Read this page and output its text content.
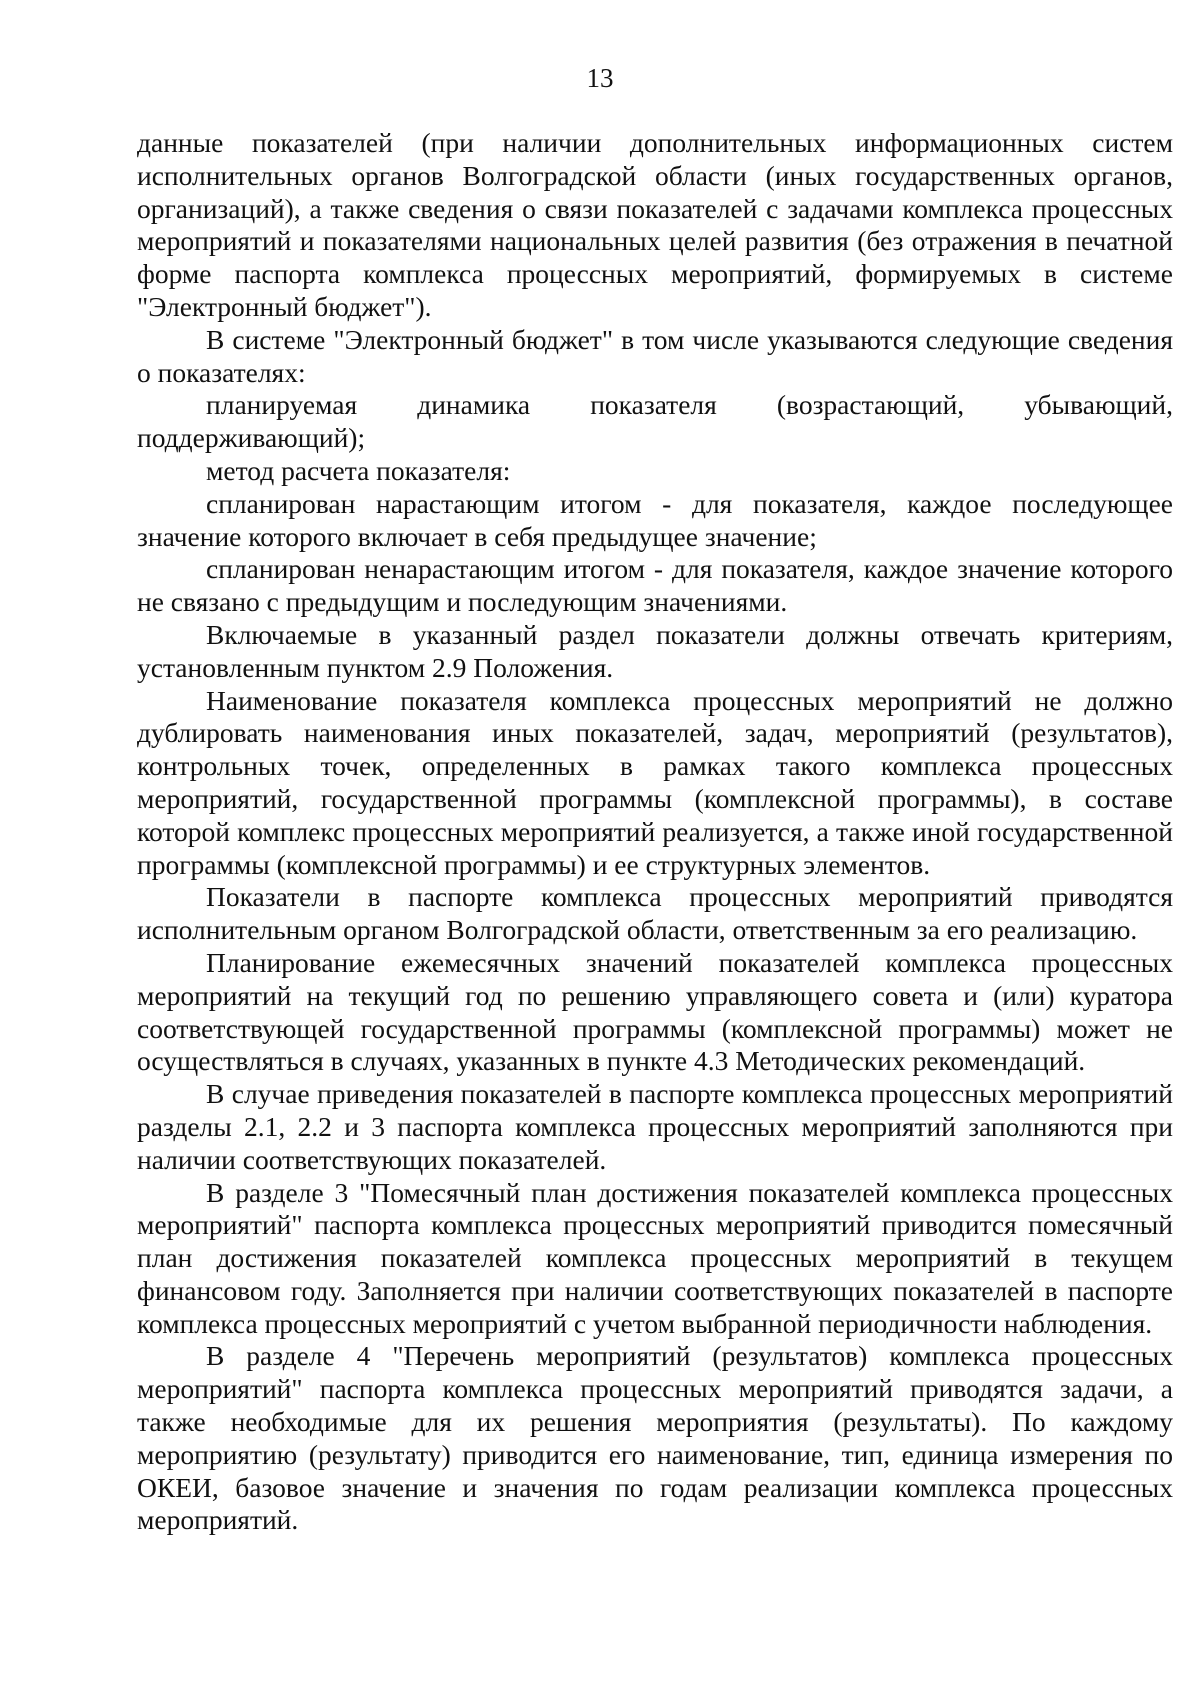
13

данные показателей (при наличии дополнительных информационных систем исполнительных органов Волгоградской области (иных государственных органов, организаций), а также сведения о связи показателей с задачами комплекса процессных мероприятий и показателями национальных целей развития (без отражения в печатной форме паспорта комплекса процессных мероприятий, формируемых в системе "Электронный бюджет").

В системе "Электронный бюджет" в том числе указываются следующие сведения о показателях:

планируемая динамика показателя (возрастающий, убывающий, поддерживающий);

метод расчета показателя:

спланирован нарастающим итогом - для показателя, каждое последующее значение которого включает в себя предыдущее значение;

спланирован ненарастающим итогом - для показателя, каждое значение которого не связано с предыдущим и последующим значениями.

Включаемые в указанный раздел показатели должны отвечать критериям, установленным пунктом 2.9 Положения.

Наименование показателя комплекса процессных мероприятий не должно дублировать наименования иных показателей, задач, мероприятий (результатов), контрольных точек, определенных в рамках такого комплекса процессных мероприятий, государственной программы (комплексной программы), в составе которой комплекс процессных мероприятий реализуется, а также иной государственной программы (комплексной программы) и ее структурных элементов.

Показатели в паспорте комплекса процессных мероприятий приводятся исполнительным органом Волгоградской области, ответственным за его реализацию.

Планирование ежемесячных значений показателей комплекса процессных мероприятий на текущий год по решению управляющего совета и (или) куратора соответствующей государственной программы (комплексной программы) может не осуществляться в случаях, указанных в пункте 4.3 Методических рекомендаций.

В случае приведения показателей в паспорте комплекса процессных мероприятий разделы 2.1, 2.2 и 3 паспорта комплекса процессных мероприятий заполняются при наличии соответствующих показателей.

В разделе 3 "Помесячный план достижения показателей комплекса процессных мероприятий" паспорта комплекса процессных мероприятий приводится помесячный план достижения показателей комплекса процессных мероприятий в текущем финансовом году. Заполняется при наличии соответствующих показателей в паспорте комплекса процессных мероприятий с учетом выбранной периодичности наблюдения.

В разделе 4 "Перечень мероприятий (результатов) комплекса процессных мероприятий" паспорта комплекса процессных мероприятий приводятся задачи, а также необходимые для их решения мероприятия (результаты). По каждому мероприятию (результату) приводится его наименование, тип, единица измерения по ОКЕИ, базовое значение и значения по годам реализации комплекса процессных мероприятий.
